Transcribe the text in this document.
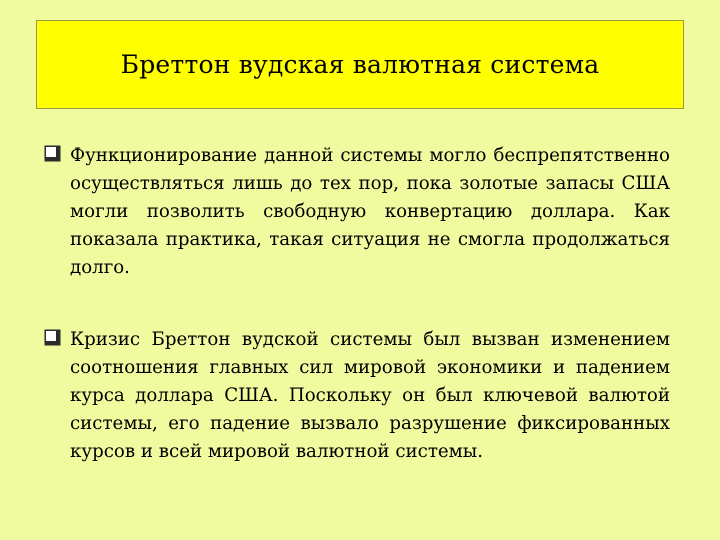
Бреттон вудская валютная система
Функционирование данной системы могло беспрепятственно осуществляться лишь до тех пор, пока золотые запасы США могли позволить свободную конвертацию доллара. Как показала практика, такая ситуация не смогла продолжаться долго.
Кризис Бреттон вудской системы был вызван изменением соотношения главных сил мировой экономики и падением курса доллара США. Поскольку он был ключевой валютой системы, его падение вызвало разрушение фиксированных курсов и всей мировой валютной системы.
